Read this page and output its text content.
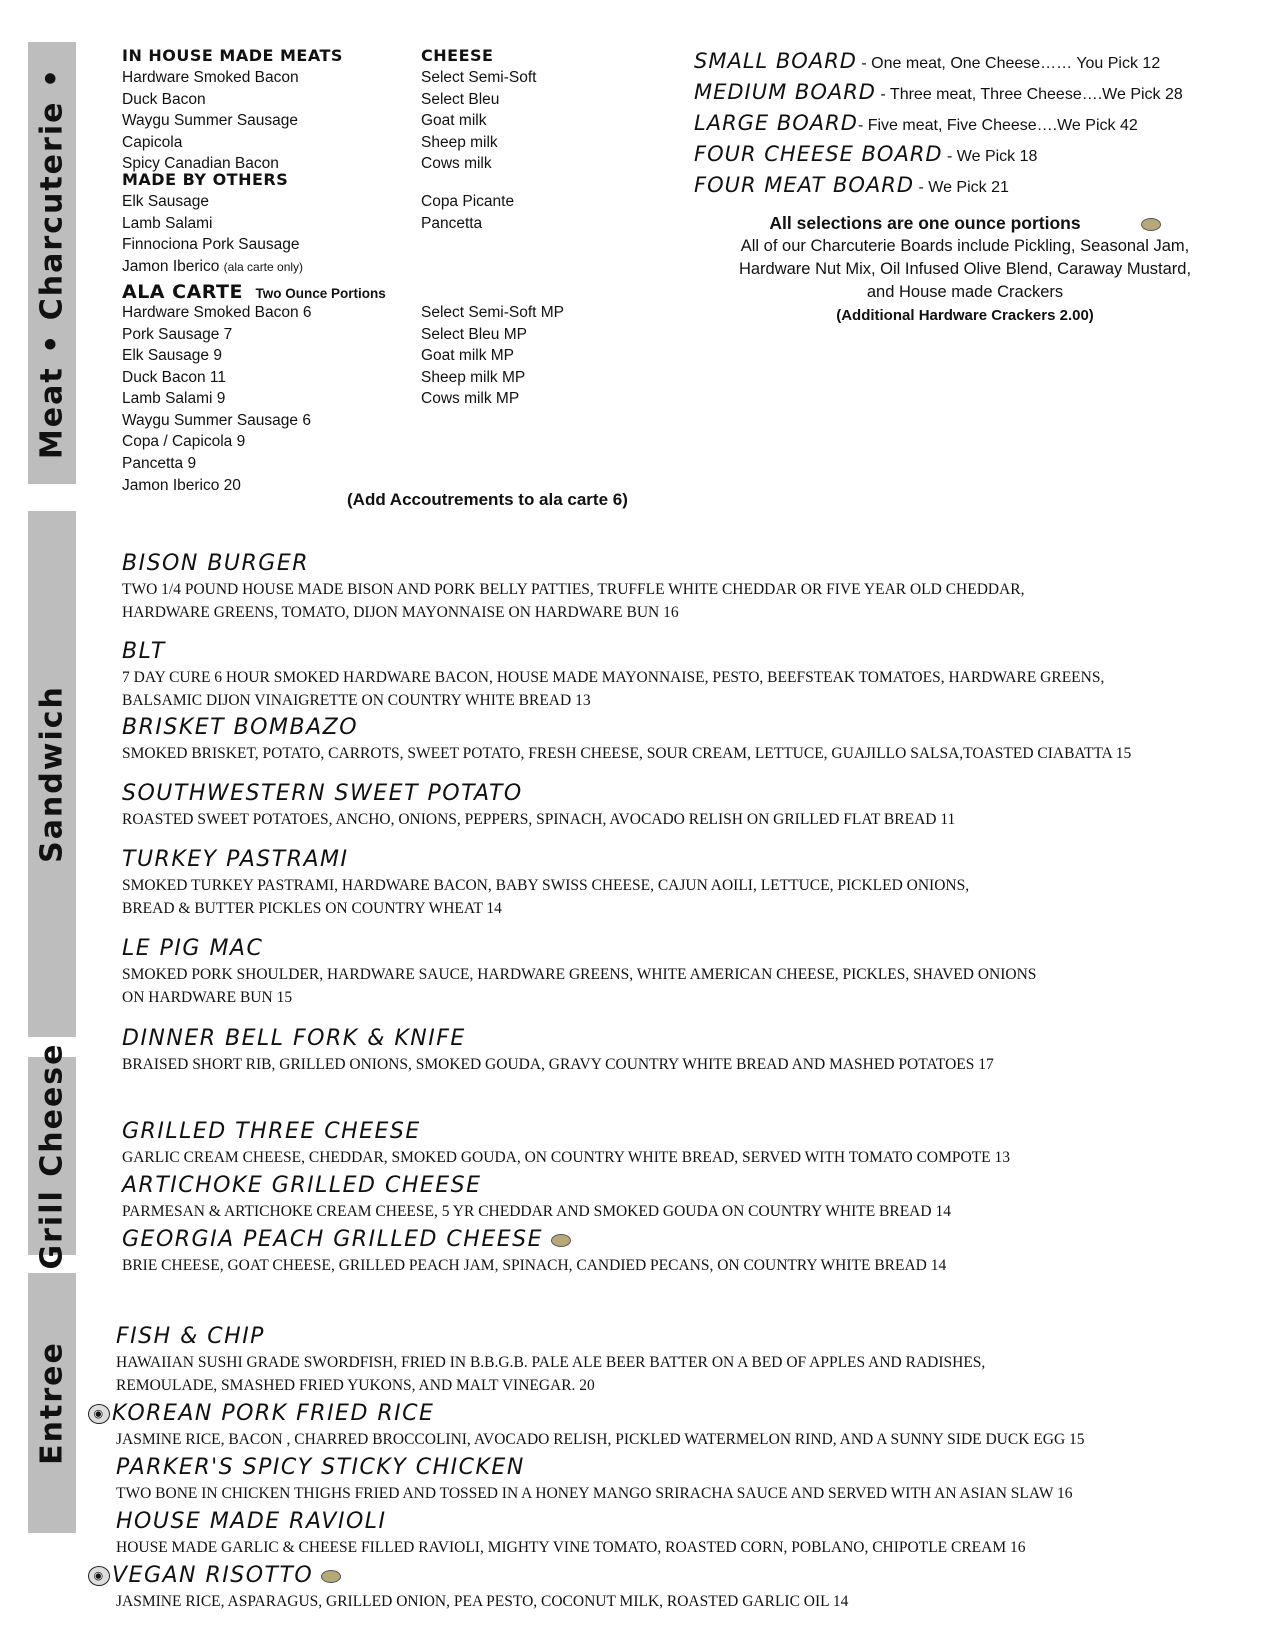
Meat • Charcuterie •
Sandwich
Grill Cheese
Entree
IN HOUSE MADE MEATS
Hardware Smoked Bacon
Duck Bacon
Waygu Summer Sausage
Capicola
Spicy Canadian Bacon
MADE BY OTHERS
Elk Sausage
Lamb Salami
Finnociona Pork Sausage
Jamon Iberico (ala carte only)
ALA CARTE Two Ounce Portions
Hardware Smoked Bacon 6
Pork Sausage 7
Elk Sausage 9
Duck Bacon 11
Lamb Salami 9
Waygu Summer Sausage 6
Copa / Capicola 9
Pancetta 9
Jamon Iberico 20
CHEESE
Select Semi-Soft
Select Bleu
Goat milk
Sheep milk
Cows milk
Copa Picante
Pancetta
Select Semi-Soft MP
Select Bleu MP
Goat milk MP
Sheep milk MP
Cows milk MP
(Add Accoutrements to ala carte 6)
SMALL BOARD - One meat, One Cheese…… You Pick 12
MEDIUM BOARD - Three meat, Three Cheese….We Pick 28
LARGE BOARD- Five meat, Five Cheese….We Pick 42
FOUR CHEESE BOARD - We Pick 18
FOUR MEAT BOARD - We Pick 21
All selections are one ounce portions
All of our Charcuterie Boards include Pickling, Seasonal Jam,
Hardware Nut Mix, Oil Infused Olive Blend, Caraway Mustard,
and House made Crackers
(Additional Hardware Crackers 2.00)
BISON BURGER

TWO 1/4 POUND HOUSE MADE BISON AND PORK BELLY PATTIES, TRUFFLE WHITE CHEDDAR OR FIVE YEAR OLD CHEDDAR,

HARDWARE GREENS, TOMATO, DIJON MAYONNAISE ON HARDWARE BUN 16

BLT

7 DAY CURE 6 HOUR SMOKED HARDWARE BACON, HOUSE MADE MAYONNAISE, PESTO, BEEFSTEAK TOMATOES, HARDWARE GREENS,

BALSAMIC DIJON VINAIGRETTE ON COUNTRY WHITE BREAD 13

BRISKET BOMBAZO

SMOKED BRISKET, POTATO, CARROTS, SWEET POTATO, FRESH CHEESE, SOUR CREAM, LETTUCE, GUAJILLO SALSA,TOASTED CIABATTA 15

SOUTHWESTERN SWEET POTATO

ROASTED SWEET POTATOES, ANCHO, ONIONS, PEPPERS, SPINACH, AVOCADO RELISH ON GRILLED FLAT BREAD 11

TURKEY PASTRAMI

SMOKED TURKEY PASTRAMI, HARDWARE BACON, BABY SWISS CHEESE, CAJUN AOILI, LETTUCE, PICKLED ONIONS,

BREAD & BUTTER PICKLES ON COUNTRY WHEAT 14

LE PIG MAC

SMOKED PORK SHOULDER, HARDWARE SAUCE, HARDWARE GREENS, WHITE AMERICAN CHEESE, PICKLES, SHAVED ONIONS

ON HARDWARE BUN 15

DINNER BELL FORK & KNIFE

BRAISED SHORT RIB, GRILLED ONIONS, SMOKED GOUDA, GRAVY COUNTRY WHITE BREAD AND MASHED POTATOES 17

GRILLED THREE CHEESE

GARLIC CREAM CHEESE, CHEDDAR, SMOKED GOUDA, ON COUNTRY WHITE BREAD, SERVED WITH TOMATO COMPOTE 13

ARTICHOKE GRILLED CHEESE

PARMESAN & ARTICHOKE CREAM CHEESE, 5 YR CHEDDAR AND SMOKED GOUDA ON COUNTRY WHITE BREAD 14

GEORGIA PEACH GRILLED CHEESE

BRIE CHEESE, GOAT CHEESE, GRILLED PEACH JAM, SPINACH, CANDIED PECANS, ON COUNTRY WHITE BREAD 14

FISH & CHIP

HAWAIIAN SUSHI GRADE SWORDFISH, FRIED IN B.B.G.B. PALE ALE BEER BATTER ON A BED OF APPLES AND RADISHES,

REMOULADE, SMASHED FRIED YUKONS, AND MALT VINEGAR. 20

◉ KOREAN PORK FRIED RICE

JASMINE RICE, BACON , CHARRED BROCCOLINI, AVOCADO RELISH, PICKLED WATERMELON RIND, AND A SUNNY SIDE DUCK EGG 15

PARKER'S SPICY STICKY CHICKEN

TWO BONE IN CHICKEN THIGHS FRIED AND TOSSED IN A HONEY MANGO SRIRACHA SAUCE AND SERVED WITH AN ASIAN SLAW 16

HOUSE MADE RAVIOLI

HOUSE MADE GARLIC & CHEESE FILLED RAVIOLI, MIGHTY VINE TOMATO, ROASTED CORN, POBLANO, CHIPOTLE CREAM 16

◉ VEGAN RISOTTO

JASMINE RICE, ASPARAGUS, GRILLED ONION, PEA PESTO, COCONUT MILK, ROASTED GARLIC OIL 14
